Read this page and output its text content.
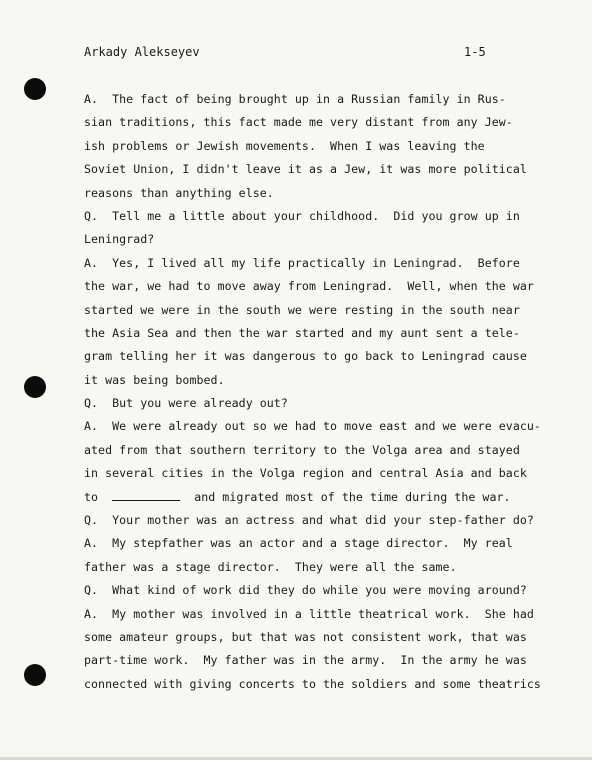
Arkady Alekseyev	1-5
A.  The fact of being brought up in a Russian family in Rus-
sian traditions, this fact made me very distant from any Jew-
ish problems or Jewish movements.  When I was leaving the
Soviet Union, I didn't leave it as a Jew, it was more political
reasons than anything else.
Q.  Tell me a little about your childhood.  Did you grow up in
Leningrad?
A.  Yes, I lived all my life practically in Leningrad.  Before
the war, we had to move away from Leningrad.  Well, when the war
started we were in the south we were resting in the south near
the Asia Sea and then the war started and my aunt sent a tele-
gram telling her it was dangerous to go back to Leningrad cause
it was being bombed.
Q.  But you were already out?
A.  We were already out so we had to move east and we were evacu-
ated from that southern territory to the Volga area and stayed
in several cities in the Volga region and central Asia and back
to	and migrated most of the time during the war.
Q.  Your mother was an actress and what did your step-father do?
A.  My stepfather was an actor and a stage director.  My real
father was a stage director.  They were all the same.
Q.  What kind of work did they do while you were moving around?
A.  My mother was involved in a little theatrical work.  She had
some amateur groups, but that was not consistent work, that was
part-time work.  My father was in the army.  In the army he was
connected with giving concerts to the soldiers and some theatrics
